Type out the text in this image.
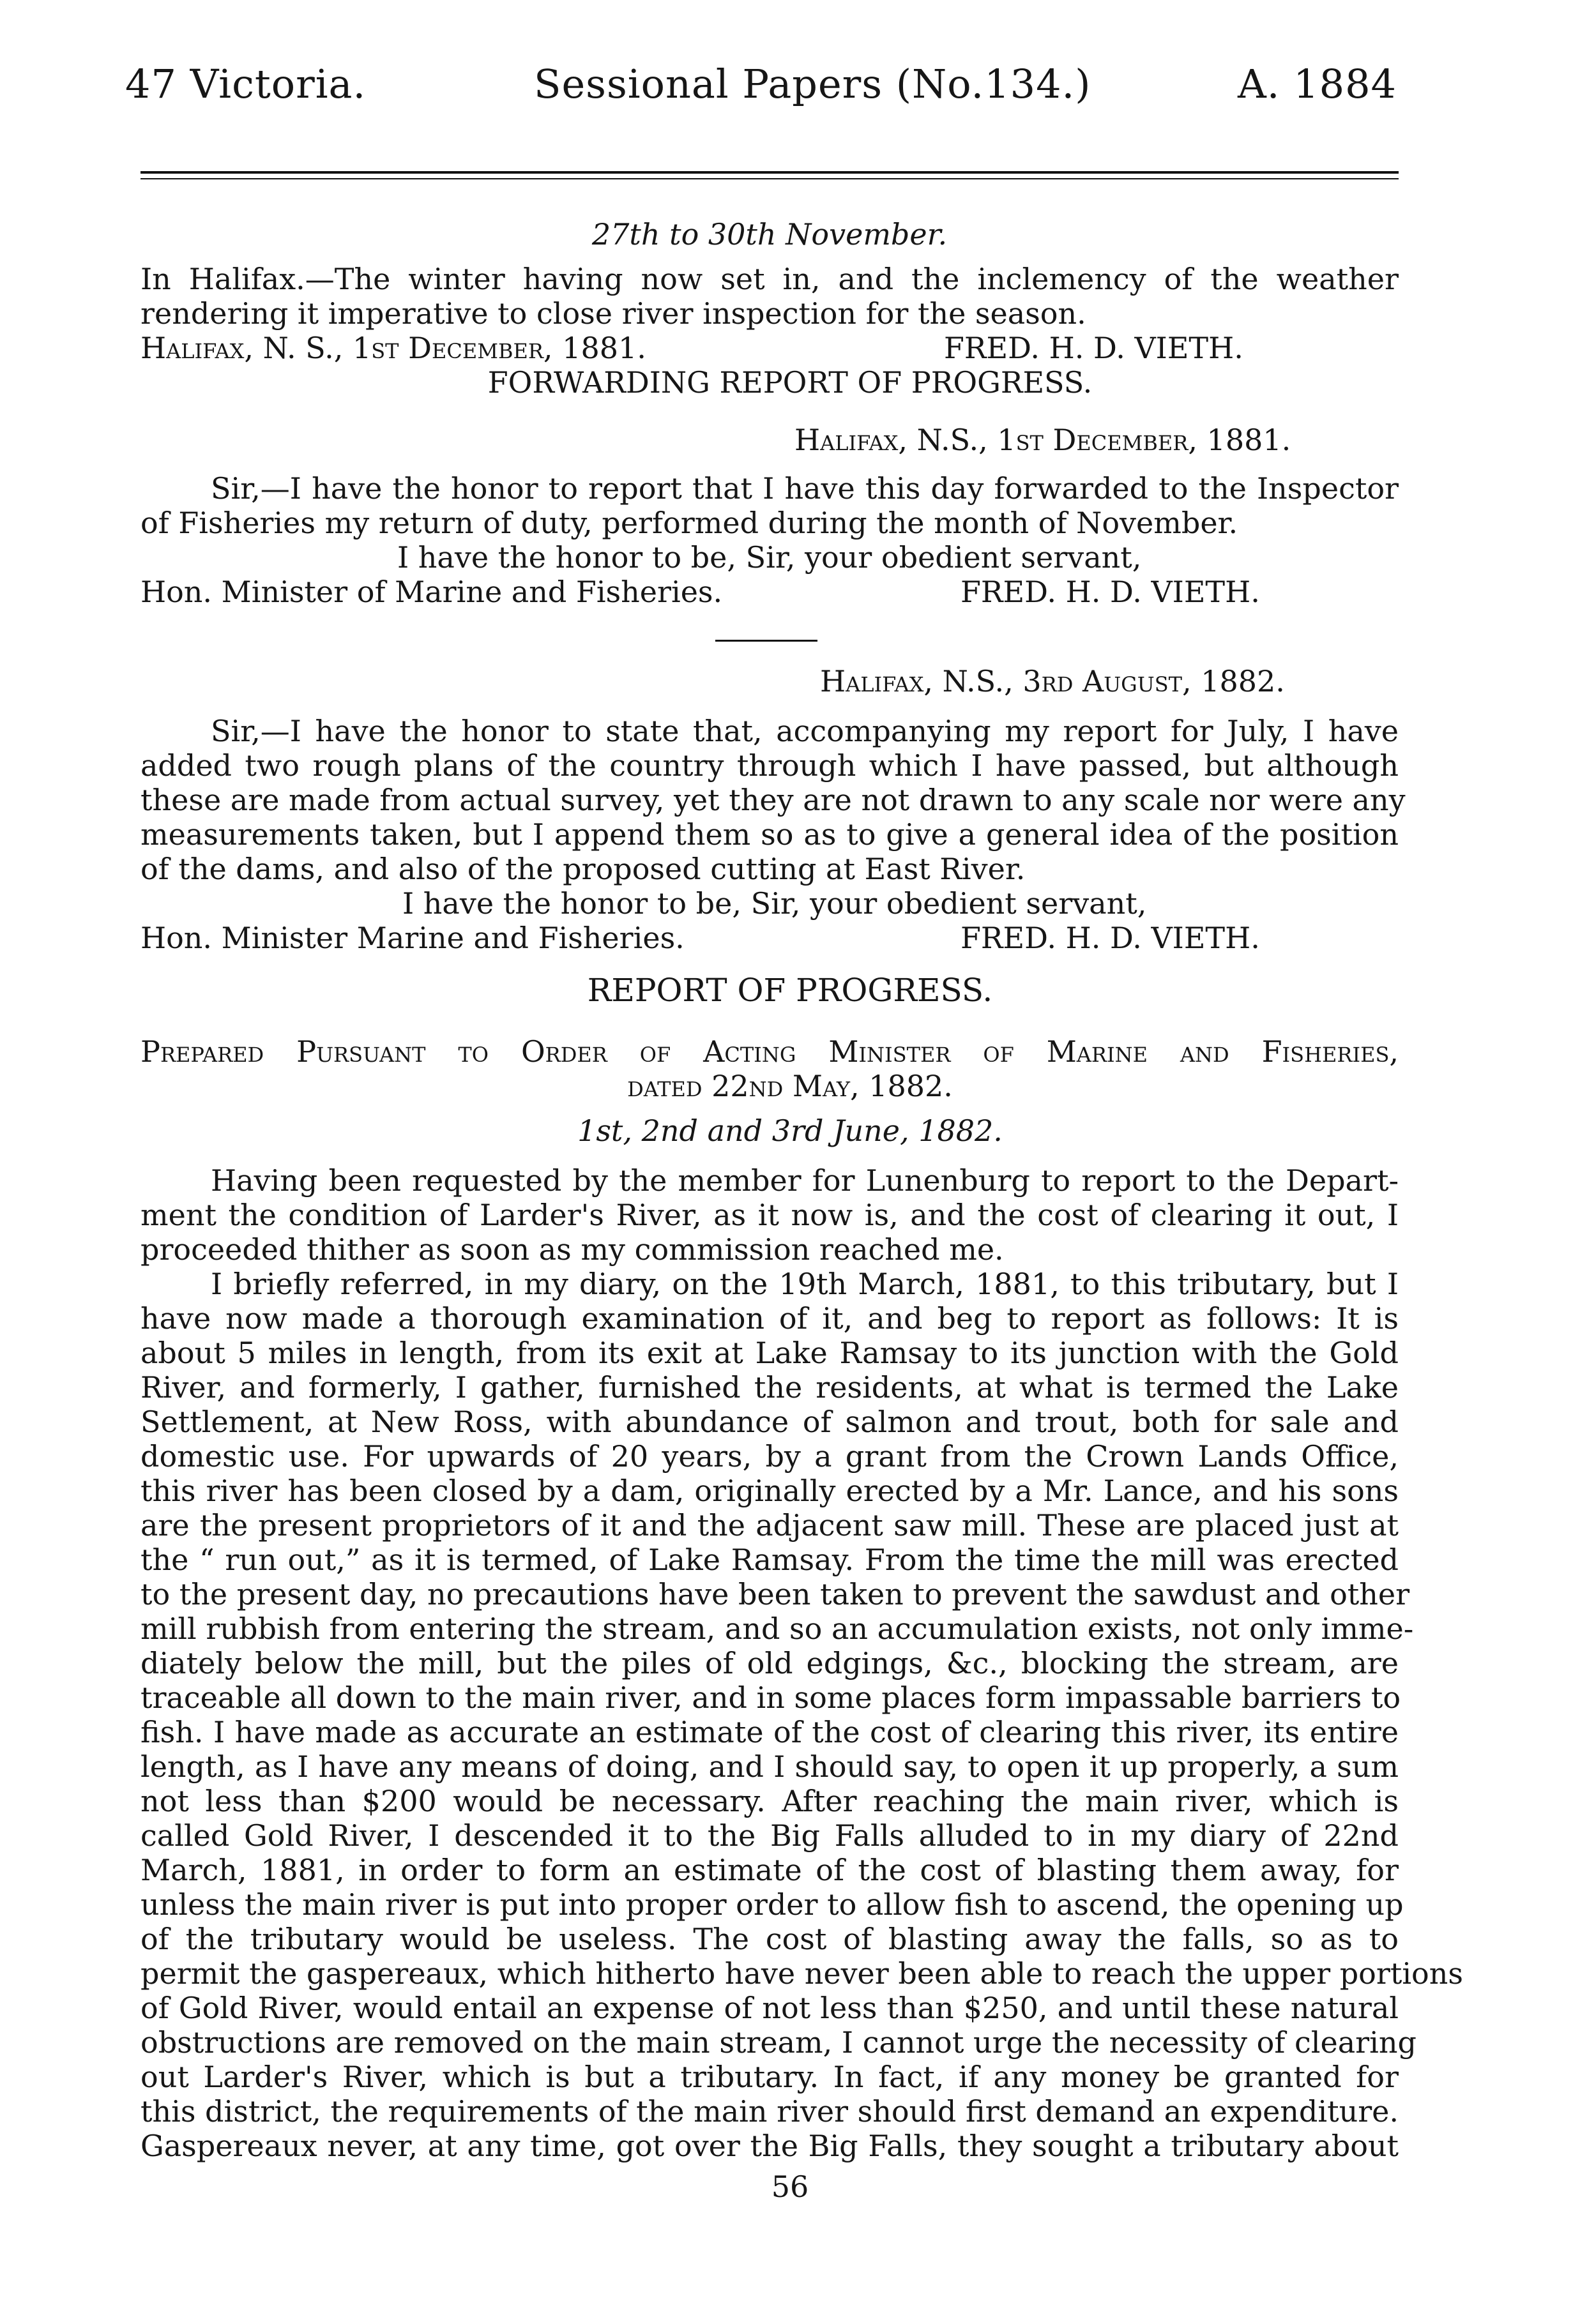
47 Victoria.	Sessional Papers (No.134.)	A. 1884
27th to 30th November.
In Halifax.—The winter having now set in, and the inclemency of the weather
rendering it imperative to close river inspection for the season.
Halifax, N. S., 1st December, 1881.	FRED. H. D. VIETH.
FORWARDING REPORT OF PROGRESS.
Halifax, N.S., 1st December, 1881.
Sir,—I have the honor to report that I have this day forwarded to the Inspector
of Fisheries my return of duty, performed during the month of November.
I have the honor to be, Sir, your obedient servant,
Hon. Minister of Marine and Fisheries.	FRED. H. D. VIETH.
Halifax, N.S., 3rd August, 1882.
Sir,—I have the honor to state that, accompanying my report for July, I have
added two rough plans of the country through which I have passed, but although
these are made from actual survey, yet they are not drawn to any scale nor were any
measurements taken, but I append them so as to give a general idea of the position
of the dams, and also of the proposed cutting at East River.
I have the honor to be, Sir, your obedient servant,
Hon. Minister Marine and Fisheries.	FRED. H. D. VIETH.
REPORT OF PROGRESS.
Prepared Pursuant to Order of Acting Minister of Marine and Fisheries,
dated 22nd May, 1882.
1st, 2nd and 3rd June, 1882.
Having been requested by the member for Lunenburg to report to the Depart-
ment the condition of Larder's River, as it now is, and the cost of clearing it out, I
proceeded thither as soon as my commission reached me.
I briefly referred, in my diary, on the 19th March, 1881, to this tributary, but I
have now made a thorough examination of it, and beg to report as follows: It is
about 5 miles in length, from its exit at Lake Ramsay to its junction with the Gold
River, and formerly, I gather, furnished the residents, at what is termed the Lake
Settlement, at New Ross, with abundance of salmon and trout, both for sale and
domestic use. For upwards of 20 years, by a grant from the Crown Lands Office,
this river has been closed by a dam, originally erected by a Mr. Lance, and his sons
are the present proprietors of it and the adjacent saw mill. These are placed just at
the “ run out,” as it is termed, of Lake Ramsay. From the time the mill was erected
to the present day, no precautions have been taken to prevent the sawdust and other
mill rubbish from entering the stream, and so an accumulation exists, not only imme-
diately below the mill, but the piles of old edgings, &c., blocking the stream, are
traceable all down to the main river, and in some places form impassable barriers to
fish. I have made as accurate an estimate of the cost of clearing this river, its entire
length, as I have any means of doing, and I should say, to open it up properly, a sum
not less than $200 would be necessary. After reaching the main river, which is
called Gold River, I descended it to the Big Falls alluded to in my diary of 22nd
March, 1881, in order to form an estimate of the cost of blasting them away, for
unless the main river is put into proper order to allow fish to ascend, the opening up
of the tributary would be useless. The cost of blasting away the falls, so as to
permit the gaspereaux, which hitherto have never been able to reach the upper portions
of Gold River, would entail an expense of not less than $250, and until these natural
obstructions are removed on the main stream, I cannot urge the necessity of clearing
out Larder's River, which is but a tributary. In fact, if any money be granted for
this district, the requirements of the main river should first demand an expenditure.
Gaspereaux never, at any time, got over the Big Falls, they sought a tributary about
56
